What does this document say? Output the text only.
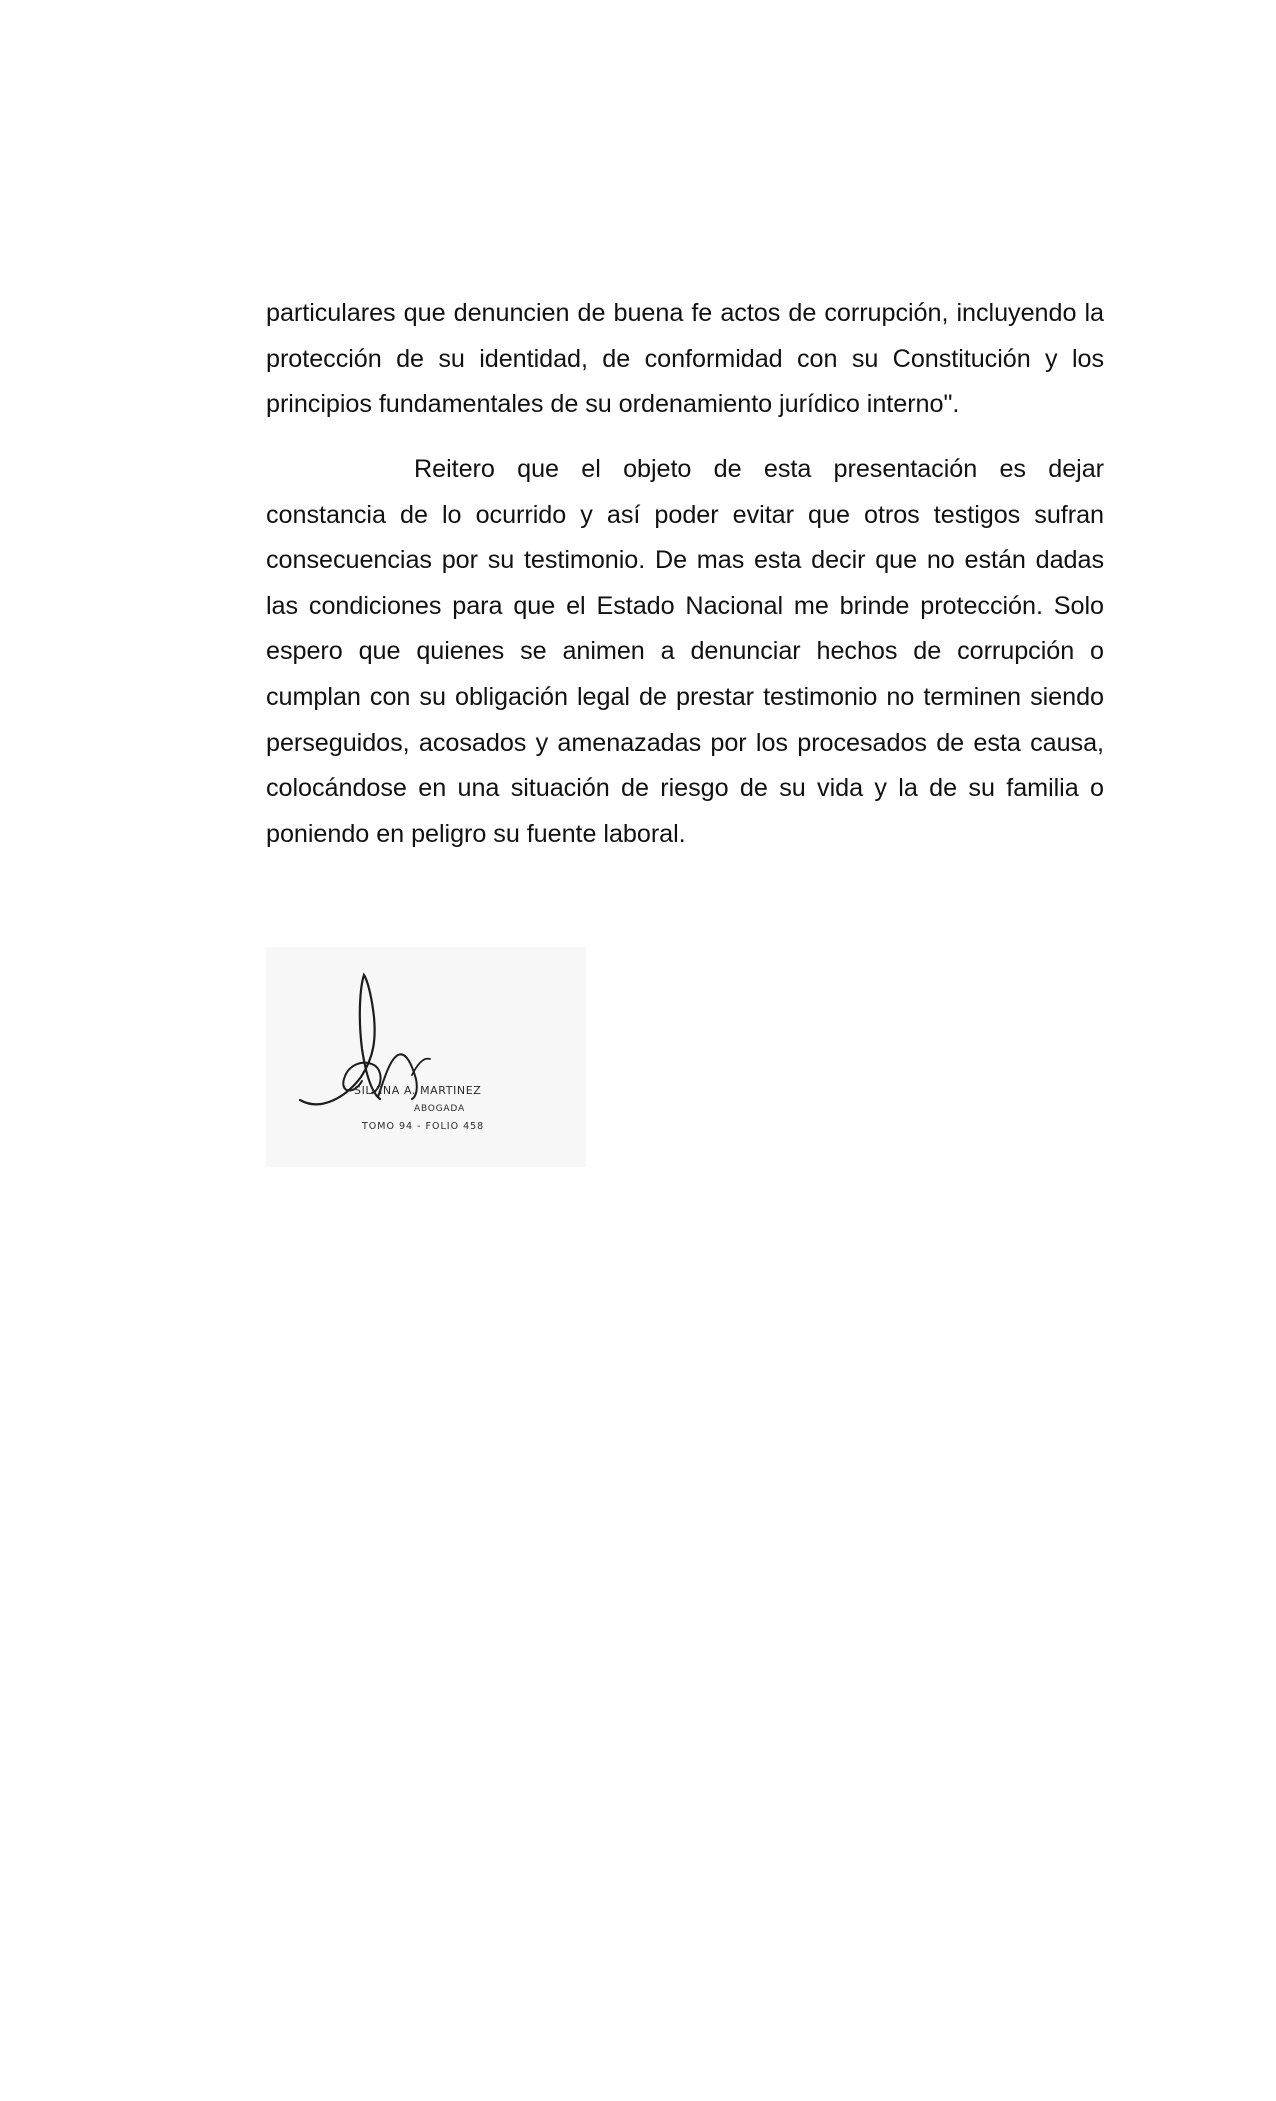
particulares que denuncien de buena fe actos de corrupción, incluyendo la protección de su identidad, de conformidad con su Constitución y los principios fundamentales de su ordenamiento jurídico interno".

Reitero que el objeto de esta presentación es dejar constancia de lo ocurrido y así poder evitar que otros testigos sufran consecuencias por su testimonio. De mas esta decir que no están dadas las condiciones para que el Estado Nacional me brinde protección. Solo espero que quienes se animen a denunciar hechos de corrupción o cumplan con su obligación legal de prestar testimonio no terminen siendo perseguidos, acosados y amenazadas por los procesados de esta causa, colocándose en una situación de riesgo de su vida y la de su familia o poniendo en peligro su fuente laboral.

SILVINA A. MARTINEZ
ABOGADA
TOMO 94 - FOLIO 458
